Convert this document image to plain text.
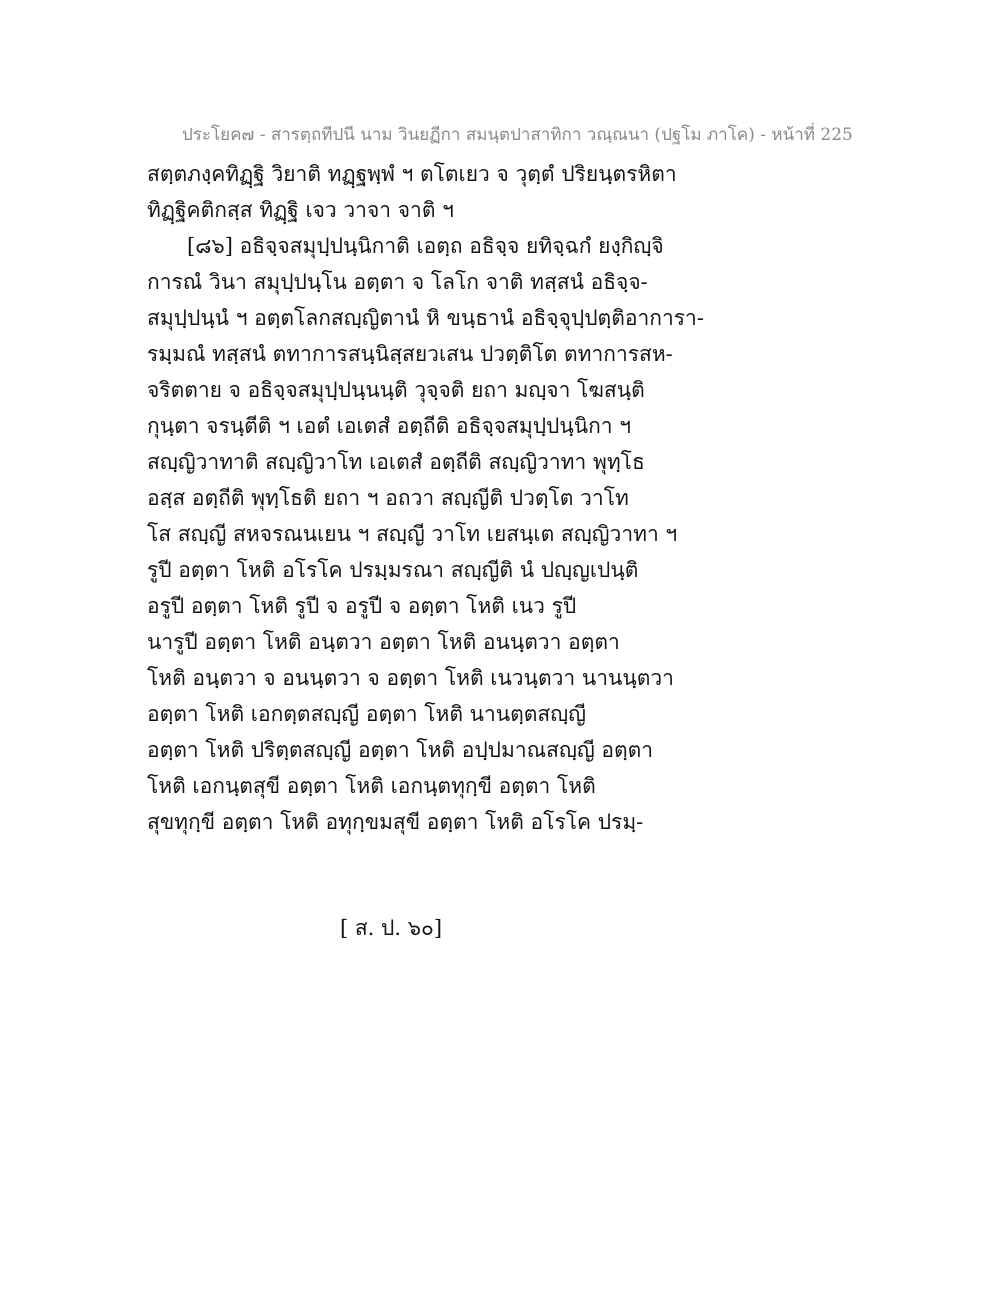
ประโยค๗ - สารตฺถทีปนี นาม วินยฏีกา สมนฺตปาสาทิกา วณฺณนา (ปฐโม ภาโค) - หน้าที่ 225
สตฺตภงฺคทิฏฺฐิ วิยาติ ทฏฺฐพฺพํ ฯ ตโตเยว จ วุตฺตํ ปริยนฺตรหิตา
ทิฏฺฐิคติกสฺส ทิฏฺฐิ เจว วาจา จาติ ฯ
[๘๖] อธิจฺจสมุปฺปนฺนิกาติ เอตฺถ อธิจฺจ ยทิจฺฉกํ ยงฺกิญฺจิ
การณํ วินา สมุปฺปนฺโน อตฺตา จ โลโก จาติ ทสฺสนํ อธิจฺจ-
สมุปฺปนฺนํ ฯ อตฺตโลกสญฺญิตานํ หิ ขนฺธานํ อธิจฺจุปฺปตฺติอาการา-
รมฺมณํ ทสฺสนํ ตทาการสนฺนิสฺสยวเสน ปวตฺติโต ตทาการสห-
จริตตาย จ อธิจฺจสมุปฺปนฺนนฺติ วุจฺจติ ยถา มญฺจา โฆสนฺติ
กุนฺตา จรนฺตีติ ฯ เอตํ เอเตสํ อตฺถีติ อธิจฺจสมุปฺปนฺนิกา ฯ
สญฺญิวาทาติ สญฺญิวาโท เอเตสํ อตฺถีติ สญฺญิวาทา พุทฺโธ
อสฺส อตฺถีติ พุทฺโธติ ยถา ฯ อถวา สญฺญีติ ปวตฺโต วาโท
โส สญฺญี สหจรณนเยน ฯ สญฺญี วาโท เยสนฺเต สญฺญิวาทา ฯ
รูปี อตฺตา โหติ อโรโค ปรมฺมรณา สญฺญีติ นํ ปญฺญเปนฺติ
อรูปี อตฺตา โหติ รูปี จ อรูปี จ อตฺตา โหติ เนว รูปี
นารูปี อตฺตา โหติ อนฺตวา อตฺตา โหติ อนนฺตวา อตฺตา
โหติ อนฺตวา จ อนนฺตวา จ อตฺตา โหติ เนวนฺตวา นานนฺตวา
อตฺตา โหติ เอกตฺตสญฺญี อตฺตา โหติ นานตฺตสญฺญี
อตฺตา โหติ ปริตฺตสญฺญี อตฺตา โหติ อปฺปมาณสญฺญี อตฺตา
โหติ เอกนฺตสุขี อตฺตา โหติ เอกนฺตทุกฺขี อตฺตา โหติ
สุขทุกฺขี อตฺตา โหติ อทุกฺขมสุขี อตฺตา โหติ อโรโค ปรมฺ-
[ ส. ป. ๖๐]
